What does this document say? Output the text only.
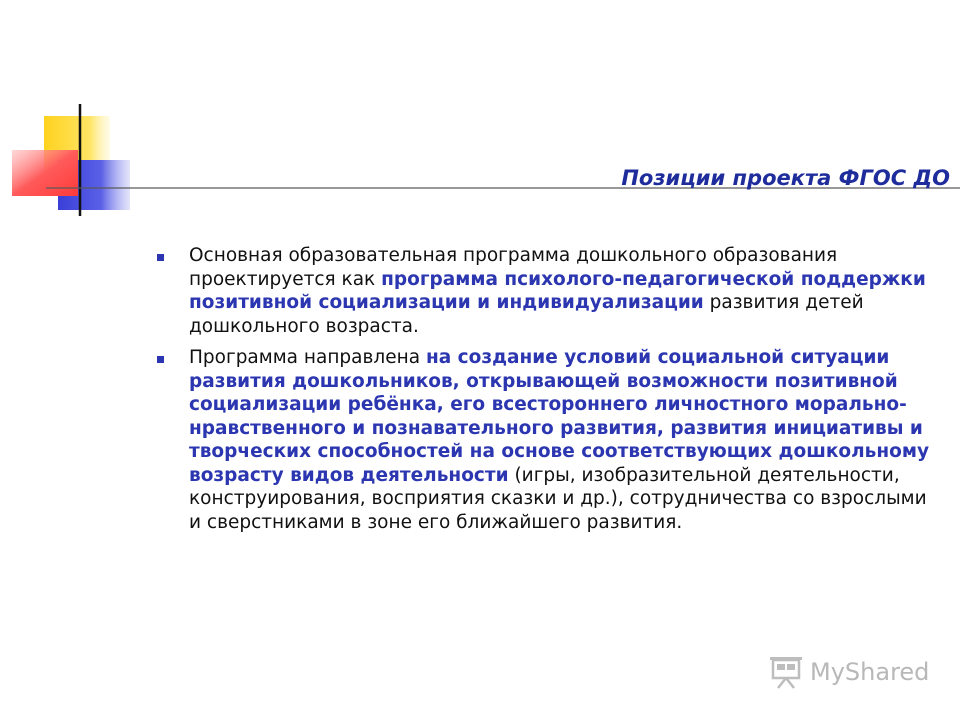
Позиции проекта ФГОС ДО
Основная образовательная программа дошкольного образования проектируется как программа психолого-педагогической поддержки позитивной социализации и индивидуализации развития детей дошкольного возраста.
Программа направлена на создание условий социальной ситуации развития дошкольников, открывающей возможности позитивной социализации ребёнка, его всестороннего личностного морально-нравственного и познавательного развития, развития инициативы и творческих способностей на основе соответствующих дошкольному возрасту видов деятельности (игры, изобразительной деятельности, конструирования, восприятия сказки и др.), сотрудничества со взрослыми и сверстниками в зоне его ближайшего развития.
MyShared
